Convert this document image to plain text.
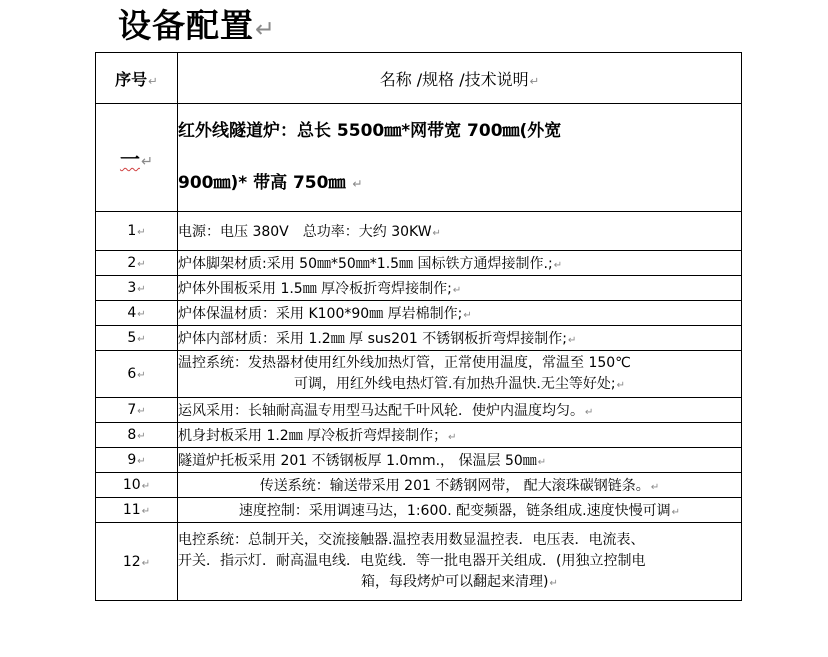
设备配置↵
序号↵	名称 /规格 /技术说明↵
一↵	红外线隧道炉：总长 5500㎜*网带宽 700㎜(外宽
900㎜)* 带高 750㎜ ↵

1↵	电源：电压 380V　总功率：大约 30KW↵
2↵	炉体脚架材质:采用 50㎜*50㎜*1.5㎜ 国标铁方通焊接制作.;↵
3↵	炉体外围板采用 1.5㎜ 厚冷板折弯焊接制作;↵
4↵	炉体保温材质：采用 K100*90㎜ 厚岩棉制作;↵
5↵	炉体内部材质：采用 1.2㎜ 厚 sus201 不锈钢板折弯焊接制作;↵
6↵	温控系统：发热器材使用红外线加热灯管，正常使用温度，常温至 150℃
可调，用红外线电热灯管.有加热升温快.无尘等好处;↵

7↵	运风采用：长轴耐高温专用型马达配千叶风轮．使炉内温度均匀。↵
8↵	机身封板采用 1.2㎜ 厚冷板折弯焊接制作；↵
9↵	隧道炉托板采用 201 不锈钢板厚 1.0mm.， 保温层 50㎜↵
10↵	传送系统：输送带采用 201 不銹钢网带， 配大滚珠碳钢链条。↵
11↵	速度控制：采用调速马达，1:600. 配变频器，链条组成.速度快慢可调↵
12↵	电控系统：总制开关，交流接触器.温控表用数显温控表．电压表．电流表、
开关．指示灯．耐高温电线．电览线．等一批电器开关组成．(用独立控制电
箱，每段烤炉可以翻起来清理)↵
